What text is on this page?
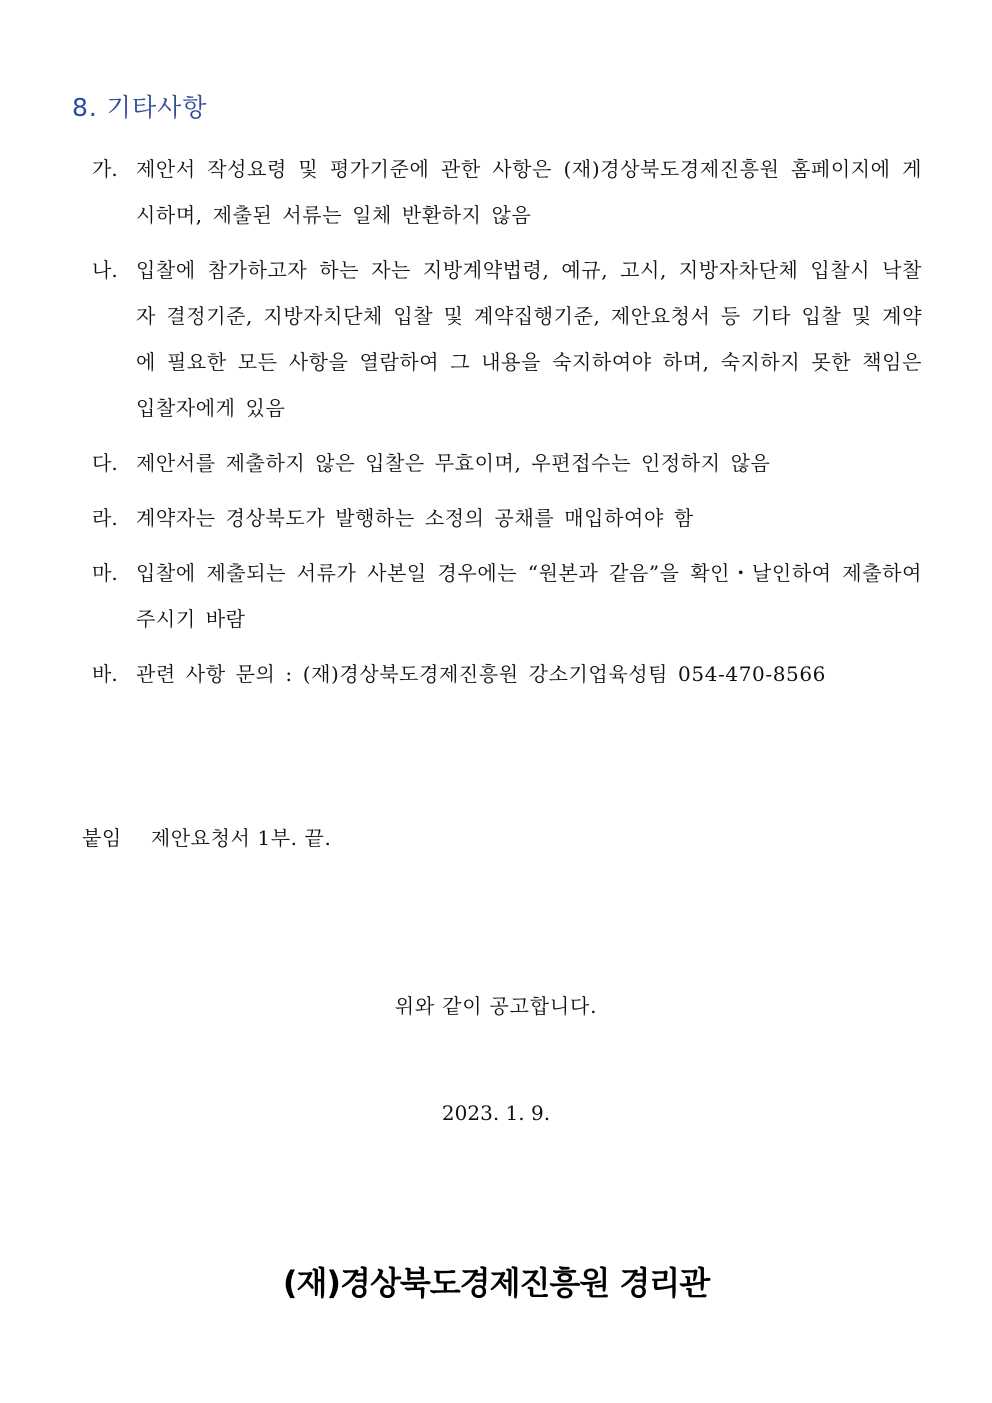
8. 기타사항
가. 제안서 작성요령 및 평가기준에 관한 사항은 (재)경상북도경제진흥원 홈페이지에 게시하며, 제출된 서류는 일체 반환하지 않음
나. 입찰에 참가하고자 하는 자는 지방계약법령, 예규, 고시, 지방자차단체 입찰시 낙찰자 결정기준, 지방자치단체 입찰 및 계약집행기준, 제안요청서 등 기타 입찰 및 계약에 필요한 모든 사항을 열람하여 그 내용을 숙지하여야 하며, 숙지하지 못한 책임은 입찰자에게 있음
다. 제안서를 제출하지 않은 입찰은 무효이며, 우편접수는 인정하지 않음
라. 계약자는 경상북도가 발행하는 소정의 공채를 매입하여야 함
마. 입찰에 제출되는 서류가 사본일 경우에는 “원본과 같음”을 확인・날인하여 제출하여 주시기 바람
바. 관련 사항 문의 : (재)경상북도경제진흥원 강소기업육성팀 054-470-8566
붙임 제안요청서 1부. 끝.
위와 같이 공고합니다.
2023. 1. 9.
(재)경상북도경제진흥원 경리관
